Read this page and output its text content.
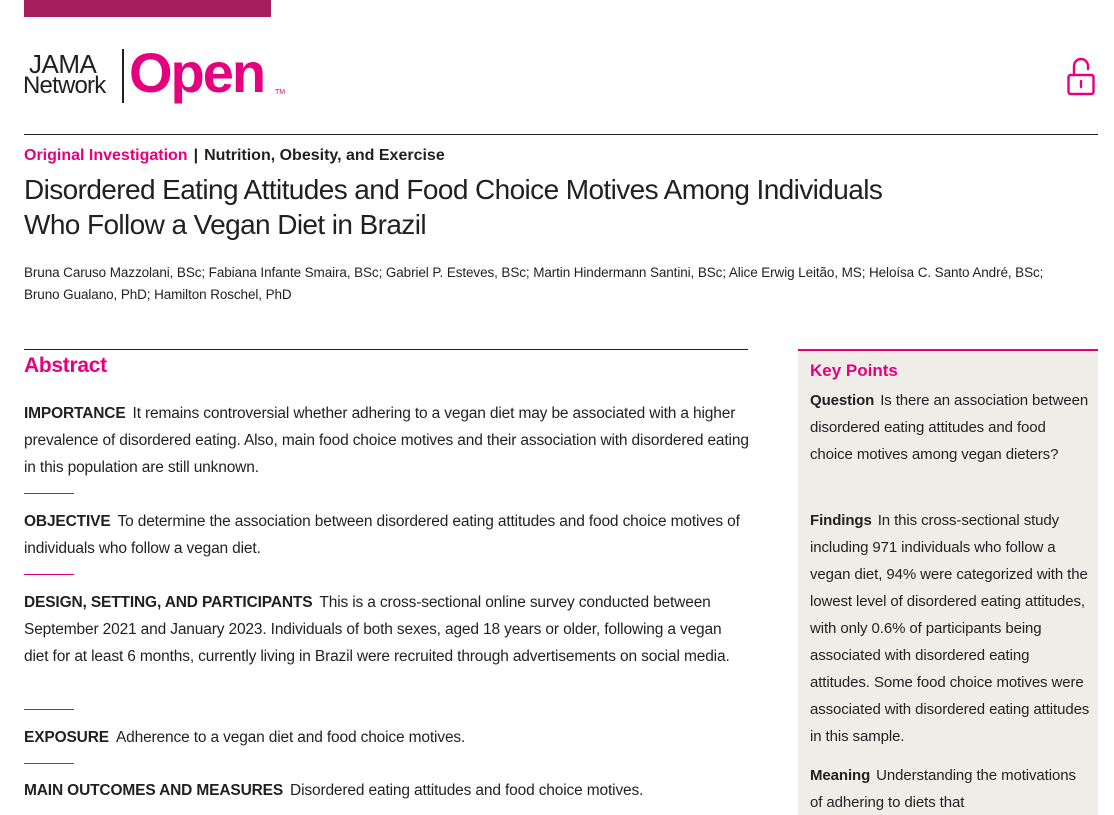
JAMA
Network Open TM
Original Investigation | Nutrition, Obesity, and Exercise
Disordered Eating Attitudes and Food Choice Motives Among Individuals
Who Follow a Vegan Diet in Brazil
Bruna Caruso Mazzolani, BSc; Fabiana Infante Smaira, BSc; Gabriel P. Esteves, BSc; Martin Hindermann Santini, BSc; Alice Erwig Leitão, MS; Heloísa C. Santo André, BSc;
Bruno Gualano, PhD; Hamilton Roschel, PhD
Abstract

IMPORTANCE It remains controversial whether adhering to a vegan diet may be associated with a higher prevalence of disordered eating. Also, main food choice motives and their association with disordered eating in this population are still unknown.

OBJECTIVE To determine the association between disordered eating attitudes and food choice motives of individuals who follow a vegan diet.

DESIGN, SETTING, AND PARTICIPANTS This is a cross-sectional online survey conducted between September 2021 and January 2023. Individuals of both sexes, aged 18 years or older, following a vegan diet for at least 6 months, currently living in Brazil were recruited through advertisements on social media.

EXPOSURE Adherence to a vegan diet and food choice motives.

MAIN OUTCOMES AND MEASURES Disordered eating attitudes and food choice motives.

Key Points

Question Is there an association between disordered eating attitudes and food choice motives among vegan dieters?

Findings In this cross-sectional study including 971 individuals who follow a vegan diet, 94% were categorized with the lowest level of disordered eating attitudes, with only 0.6% of participants being associated with disordered eating attitudes. Some food choice motives were associated with disordered eating attitudes in this sample.

Meaning Understanding the motivations of adhering to diets that
